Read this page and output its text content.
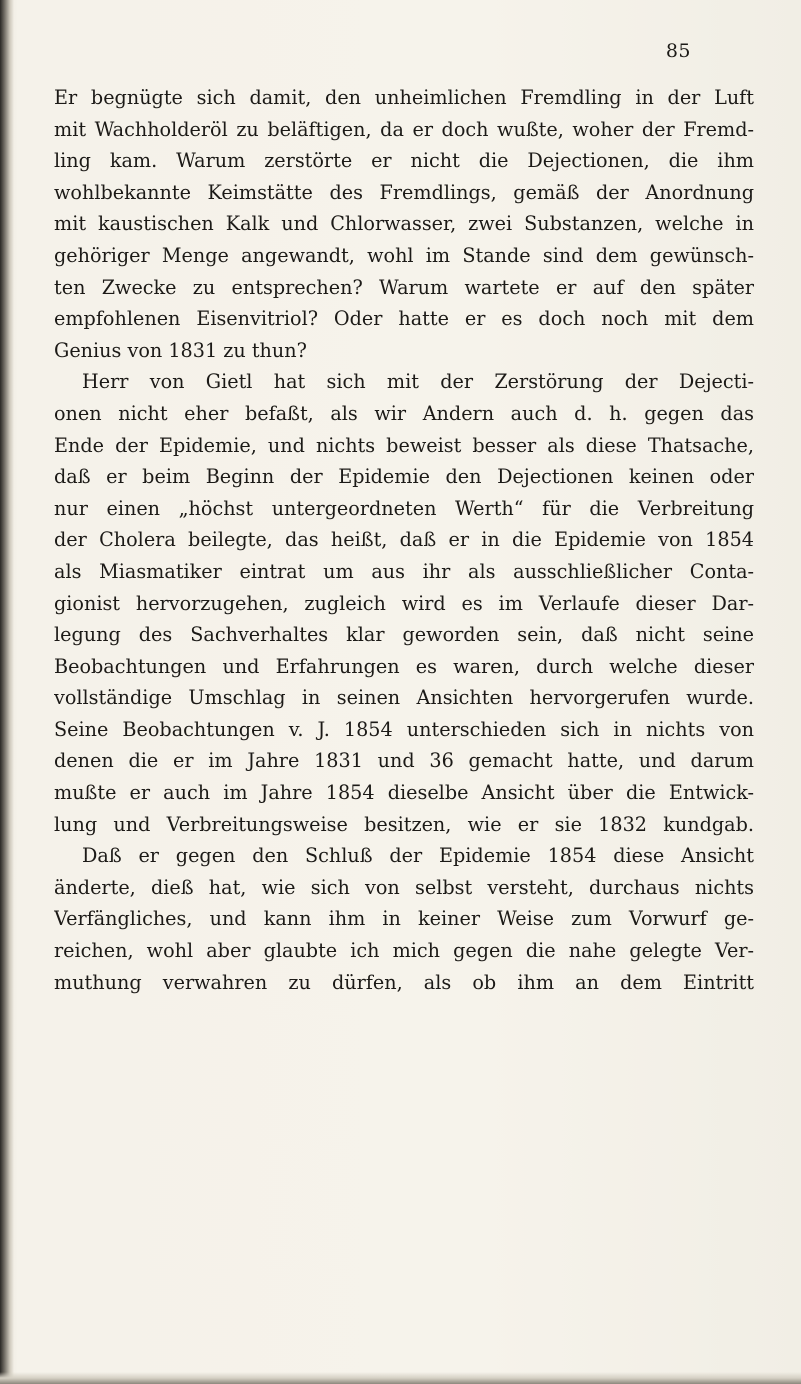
85
Er begnügte sich damit, den unheimlichen Fremdling in der Luft
mit Wachholderöl zu beläftigen, da er doch wußte, woher der Fremd-
ling kam. Warum zerstörte er nicht die Dejectionen, die ihm
wohlbekannte Keimstätte des Fremdlings, gemäß der Anordnung
mit kaustischen Kalk und Chlorwasser, zwei Substanzen, welche in
gehöriger Menge angewandt, wohl im Stande sind dem gewünsch-
ten Zwecke zu entsprechen? Warum wartete er auf den später
empfohlenen Eisenvitriol? Oder hatte er es doch noch mit dem
Genius von 1831 zu thun?
Herr von Gietl hat sich mit der Zerstörung der Dejecti-
onen nicht eher befaßt, als wir Andern auch d. h. gegen das
Ende der Epidemie, und nichts beweist besser als diese Thatsache,
daß er beim Beginn der Epidemie den Dejectionen keinen oder
nur einen „höchst untergeordneten Werth“ für die Verbreitung
der Cholera beilegte, das heißt, daß er in die Epidemie von 1854
als Miasmatiker eintrat um aus ihr als ausschließlicher Conta-
gionist hervorzugehen, zugleich wird es im Verlaufe dieser Dar-
legung des Sachverhaltes klar geworden sein, daß nicht seine
Beobachtungen und Erfahrungen es waren, durch welche dieser
vollständige Umschlag in seinen Ansichten hervorgerufen wurde.
Seine Beobachtungen v. J. 1854 unterschieden sich in nichts von
denen die er im Jahre 1831 und 36 gemacht hatte, und darum
mußte er auch im Jahre 1854 dieselbe Ansicht über die Entwick-
lung und Verbreitungsweise besitzen, wie er sie 1832 kundgab.
Daß er gegen den Schluß der Epidemie 1854 diese Ansicht
änderte, dieß hat, wie sich von selbst versteht, durchaus nichts
Verfängliches, und kann ihm in keiner Weise zum Vorwurf ge-
reichen, wohl aber glaubte ich mich gegen die nahe gelegte Ver-
muthung verwahren zu dürfen, als ob ihm an dem Eintritt
